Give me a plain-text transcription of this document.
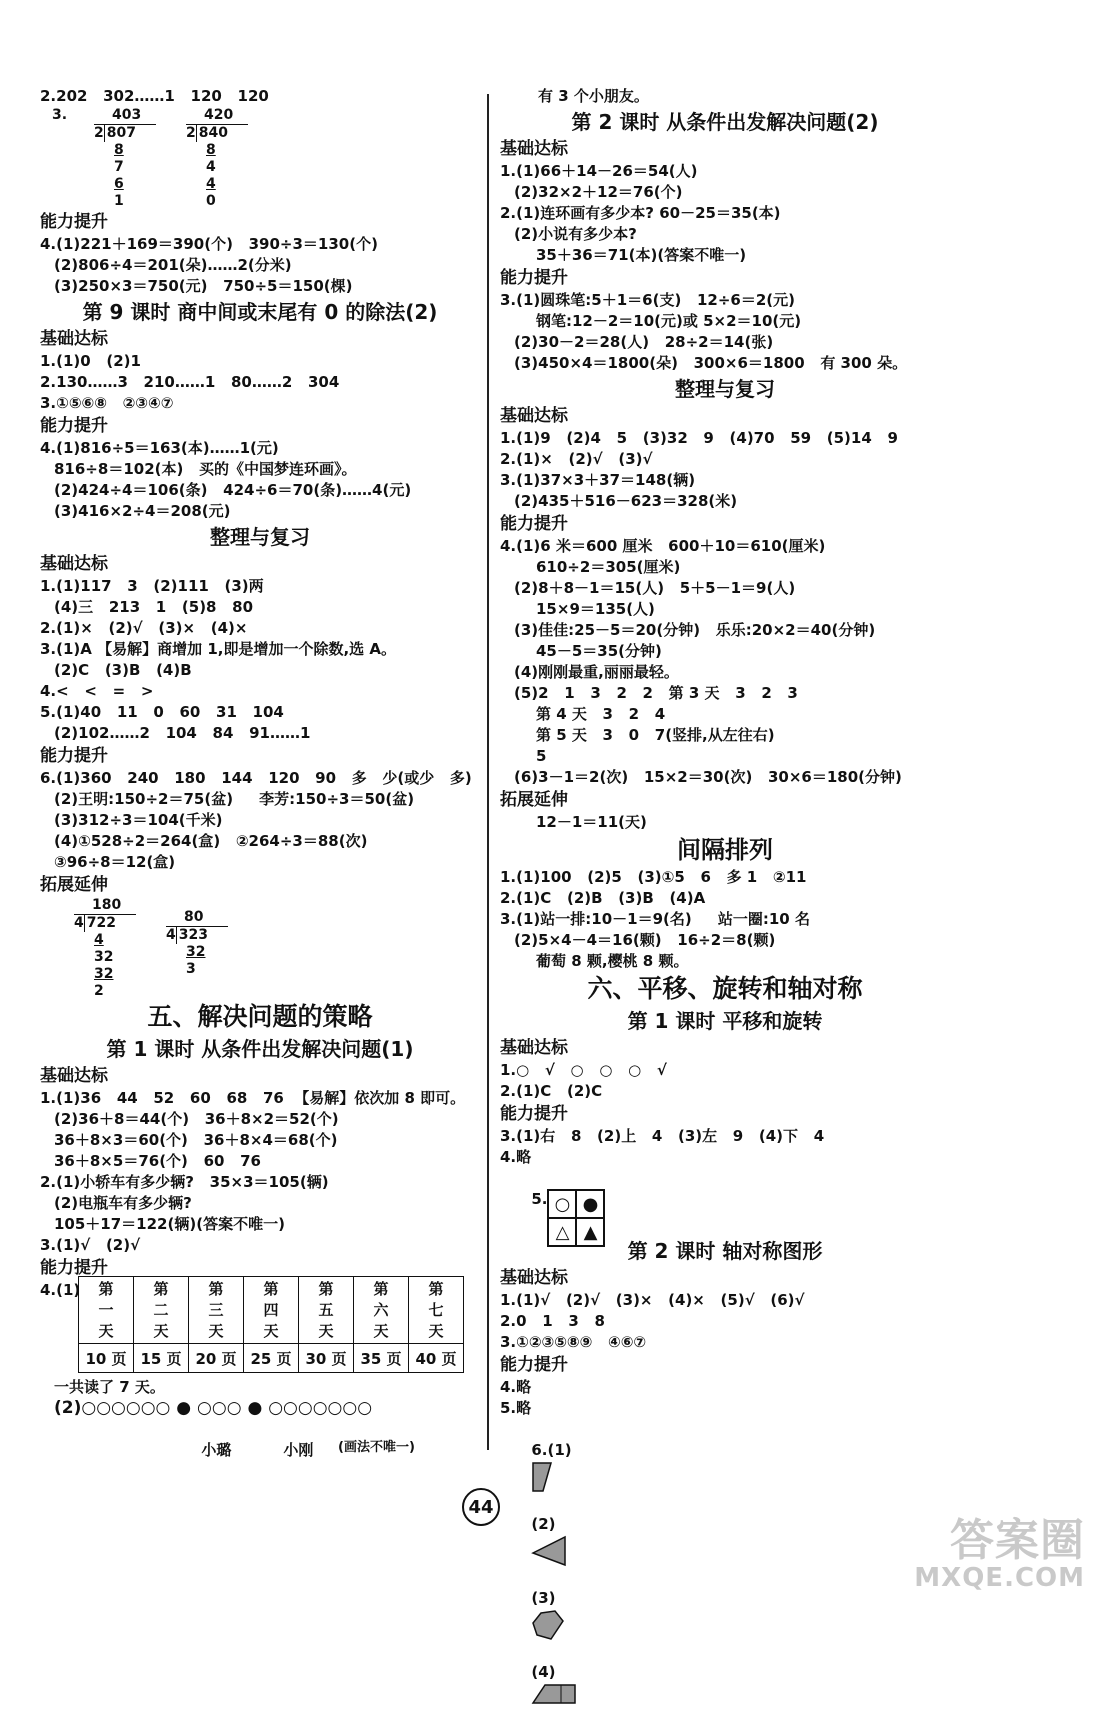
2.202   302……1   120   120
3.	403
2 807
8
7
6
1
420
2 840
8
4
4
0
能力提升
4.(1)221＋169＝390(个)   390÷3＝130(个)
(2)806÷4＝201(朵)……2(分米)
(3)250×3＝750(元)   750÷5＝150(棵)
第 9 课时 商中间或末尾有 0 的除法(2)
基础达标
1.(1)0   (2)1
2.130……3   210……1   80……2   304
3.①⑤⑥⑧   ②③④⑦
能力提升
4.(1)816÷5＝163(本)……1(元)
816÷8＝102(本)   买的《中国梦连环画》。
(2)424÷4＝106(条)   424÷6＝70(条)……4(元)
(3)416×2÷4＝208(元)
整理与复习
基础达标
1.(1)117   3   (2)111   (3)两
(4)三   213   1   (5)8   80
2.(1)×   (2)√   (3)×   (4)×
3.(1)A 【易解】商增加 1,即是增加一个除数,选 A。
(2)C   (3)B   (4)B
4.<   <   =   >
5.(1)40   11   0   60   31   104
(2)102……2   104   84   91……1
能力提升
6.(1)360   240   180   144   120   90   多   少(或少   多)
(2)王明:150÷2＝75(盆)     李芳:150÷3＝50(盆)
(3)312÷3＝104(千米)
(4)①528÷2＝264(盒)   ②264÷3＝88(次)
③96÷8＝12(盒)
拓展延伸
180
4 722
4
32
32
2
80
4 323
32
3
五、解决问题的策略
第 1 课时 从条件出发解决问题(1)
基础达标
1.(1)36   44   52   60   68   76  【易解】依次加 8 即可。
(2)36＋8＝44(个)   36＋8×2＝52(个)
36＋8×3＝60(个)   36＋8×4＝68(个)
36＋8×5＝76(个)   60   76
2.(1)小轿车有多少辆?   35×3＝105(辆)
(2)电瓶车有多少辆?
105＋17＝122(辆)(答案不唯一)
3.(1)√   (2)√
能力提升
4.(1)	第
一
天	第
二
天	第
三
天	第
四
天	第
五
天	第
六
天	第
七
天
10 页	15 页	20 页	25 页	30 页	35 页	40 页
一共读了 7 天。
(2)○○○○○○ ● ○○○ ● ○○○○○○○

小璐	小刚
	(画法不唯一)
有 3 个小朋友。
第 2 课时 从条件出发解决问题(2)
基础达标
1.(1)66＋14－26＝54(人)
(2)32×2＋12＝76(个)
2.(1)连环画有多少本? 60－25＝35(本)
(2)小说有多少本?
35＋36＝71(本)(答案不唯一)
能力提升
3.(1)圆珠笔:5＋1＝6(支)   12÷6＝2(元)
钢笔:12－2＝10(元)或 5×2＝10(元)
(2)30－2＝28(人)   28÷2＝14(张)
(3)450×4＝1800(朵)   300×6＝1800   有 300 朵。
整理与复习
基础达标
1.(1)9   (2)4   5   (3)32   9   (4)70   59   (5)14   9
2.(1)×   (2)√   (3)√
3.(1)37×3＋37＝148(辆)
(2)435＋516－623＝328(米)
能力提升
4.(1)6 米＝600 厘米   600＋10＝610(厘米)
610÷2＝305(厘米)
(2)8＋8－1＝15(人)   5＋5－1＝9(人)
15×9＝135(人)
(3)佳佳:25－5＝20(分钟)   乐乐:20×2＝40(分钟)
45－5＝35(分钟)
(4)刚刚最重,丽丽最轻。
(5)2   1   3   2   2   第 3 天   3   2   3
第 4 天   3   2   4
第 5 天   3   0   7(竖排,从左往右)
5
(6)3－1＝2(次)   15×2＝30(次)   30×6＝180(分钟)
拓展延伸
12－1＝11(天)
间隔排列
1.(1)100   (2)5   (3)①5   6   多 1   ②11
2.(1)C   (2)B   (3)B   (4)A
3.(1)站一排:10－1＝9(名)     站一圈:10 名
(2)5×4－4＝16(颗)   16÷2＝8(颗)
葡萄 8 颗,樱桃 8 颗。
六、平移、旋转和轴对称
第 1 课时 平移和旋转
基础达标
1.○   √   ○   ○   ○   √
2.(1)C   (2)C
能力提升
3.(1)右   8   (2)上   4   (3)左   9   (4)下   4
4.略

5. ○ ●
△ ▲

第 2 课时 轴对称图形
基础达标
1.(1)√   (2)√   (3)×   (4)×   (5)√   (6)√
2.0   1   3   8
3.①②③⑤⑧⑨   ④⑥⑦
能力提升
4.略
5.略

6.(1)

(2)

(3)

(4)

44
答案圈
MXQE.COM
